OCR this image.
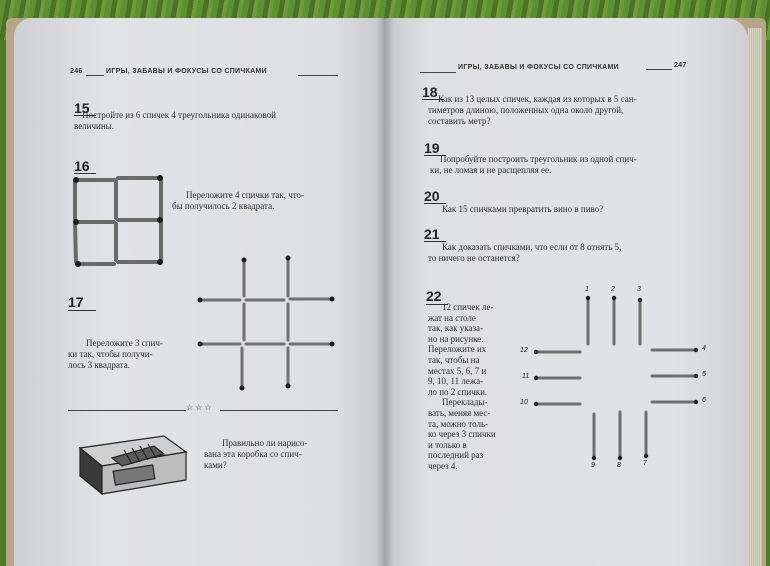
246	ИГРЫ, ЗАБАВЫ И ФОКУСЫ СО СПИЧКАМИ
15
Постройте из 6 спичек 4 треугольника одинаковой
величины.
16
Переложите 4 спички так, что-
бы получилось 2 квадрата.
17
Переложите 3 спич-
ки так, чтобы получи-
лось 3 квадрата.
☆ ☆ ☆
Правильно ли нарисо-
вана эта коробка со спич-
ками?
ИГРЫ, ЗАБАВЫ И ФОКУСЫ СО СПИЧКАМИ	247
18 Как из 13 целых спичек, каждая из которых в 5 сан-
тиметров длиною, положенных одна около другой,
составить метр?
19
Попробуйте построить треугольник из одной спич-
ки, не ломая и не расщепляя ее.
20
Как 15 спичками превратить вино в пиво?
21
Как доказать спичками, что если от 8 отнять 5,
то ничего не останется?
22
12 спичек ле-
жат на столе
так, как указа-
но на рисунке.
Переложите их
так, чтобы на
местах 5, 6, 7 и
9, 10, 11 лежа-
ло по 2 спички.
Переклады-
вать, меняя мес-
та, можно толь-
ко через 3 спички
и только в
последний раз
через 4.
1	2	3
12
11
10
4
5
6
9	8	7
